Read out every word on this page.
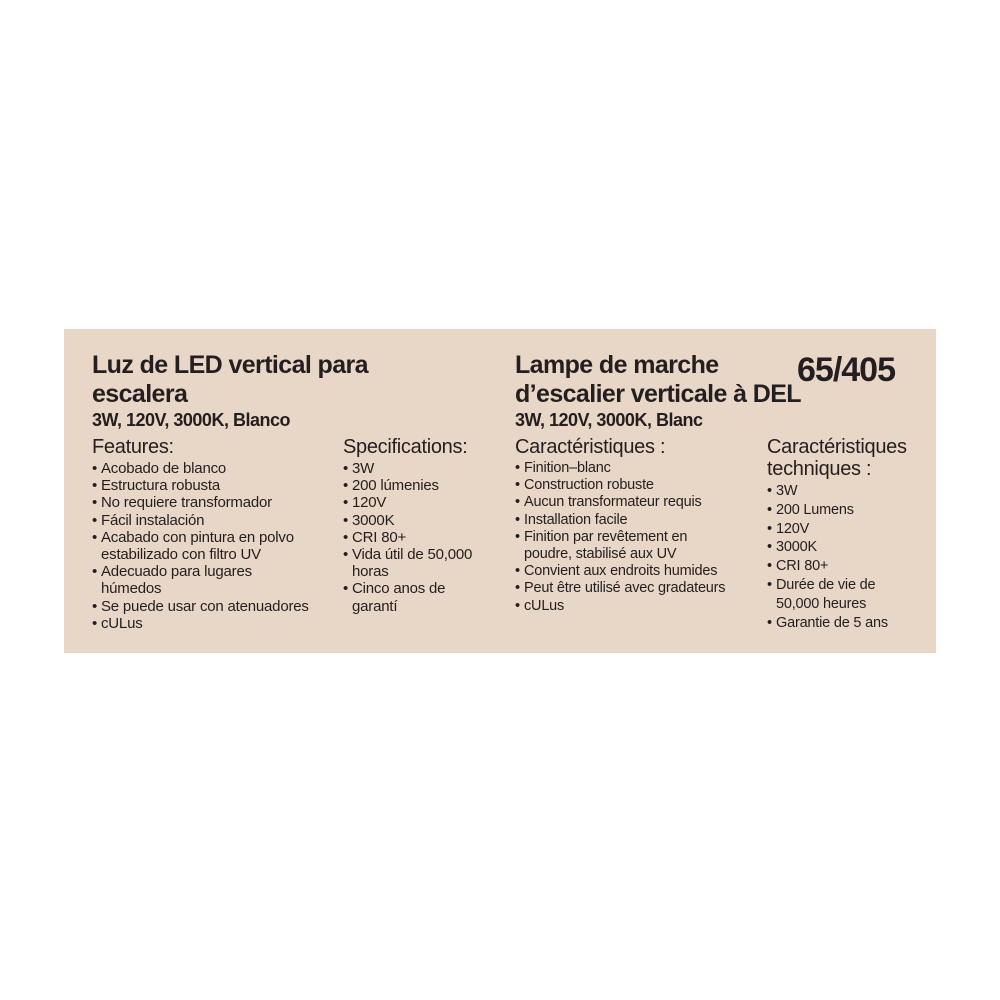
Luz de LED vertical para
escalera
3W, 120V, 3000K, Blanco
Features:
• Acobado de blanco
• Estructura robusta
• No requiere transformador
• Fácil instalación
• Acabado con pintura en polvo
estabilizado con filtro UV
• Adecuado para lugares
húmedos
• Se puede usar con atenuadores
• cULus
Specifications:
• 3W
• 200 lúmenies
• 120V
• 3000K
• CRI 80+
• Vida útil de 50,000
horas
• Cinco anos de
garantí
Lampe de marche
d’escalier verticale à DEL
3W, 120V, 3000K, Blanc
65/405
Caractéristiques :
• Finition–blanc
• Construction robuste
• Aucun transformateur requis
• Installation facile
• Finition par revêtement en
poudre, stabilisé aux UV
• Convient aux endroits humides
• Peut être utilisé avec gradateurs
• cULus
Caractéristiques
techniques :
• 3W
• 200 Lumens
• 120V
• 3000K
• CRI 80+
• Durée de vie de
50,000 heures
• Garantie de 5 ans
